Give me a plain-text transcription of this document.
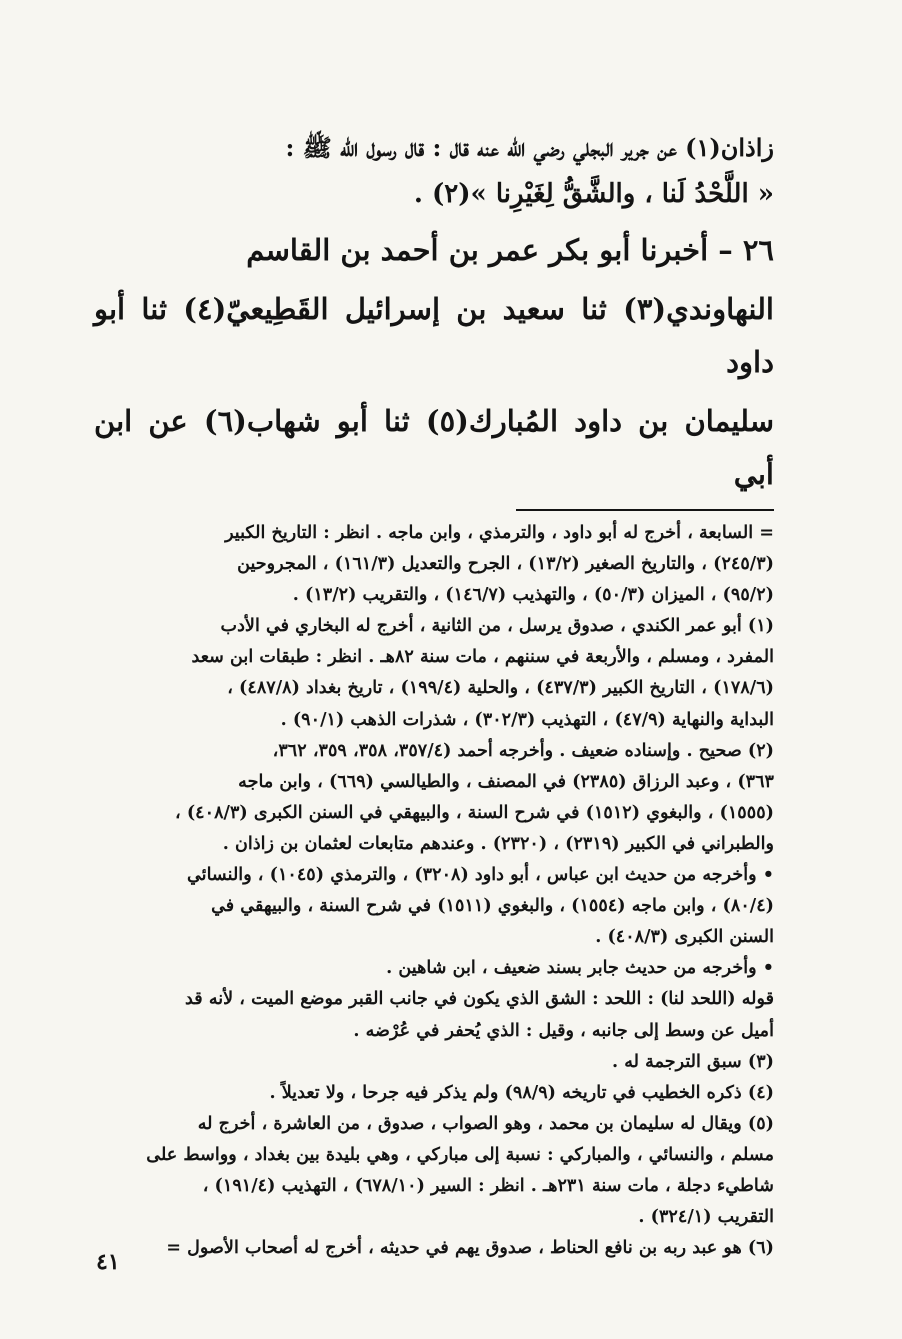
زاذان(١) عن جرير البجلي رضي الله عنه قال : قال رسول الله ﷺ :

« اللَّحْدُ لَنا ، والشَّقُّ لِغَيْرِنا »(٢) .

٢٦ – أخبرنا أبو بكر عمر بن أحمد بن القاسم

النهاوندي(٣) ثنا سعيد بن إسرائيل القَطِيعيّ(٤) ثنا أبو داود

سليمان بن داود المُبارك(٥) ثنا أبو شهاب(٦) عن ابن أبي

= السابعة ، أخرج له أبو داود ، والترمذي ، وابن ماجه . انظر : التاريخ الكبير

(٢٤٥/٣) ، والتاريخ الصغير (١٣/٢) ، الجرح والتعديل (١٦١/٣) ، المجروحين

(٩٥/٢) ، الميزان (٥٠/٣) ، والتهذيب (١٤٦/٧) ، والتقريب (١٣/٢) .

(١) أبو عمر الكندي ، صدوق يرسل ، من الثانية ، أخرج له البخاري في الأدب

المفرد ، ومسلم ، والأربعة في سننهم ، مات سنة ٨٢هـ . انظر : طبقات ابن سعد

(١٧٨/٦) ، التاريخ الكبير (٤٣٧/٣) ، والحلية (١٩٩/٤) ، تاريخ بغداد (٤٨٧/٨) ،

البداية والنهاية (٤٧/٩) ، التهذيب (٣٠٢/٣) ، شذرات الذهب (٩٠/١) .

(٢) صحيح . وإسناده ضعيف . وأخرجه أحمد (٣٥٧/٤، ٣٥٨، ٣٥٩، ٣٦٢،

٣٦٣) ، وعبد الرزاق (٢٣٨٥) في المصنف ، والطيالسي (٦٦٩) ، وابن ماجه

(١٥٥٥) ، والبغوي (١٥١٢) في شرح السنة ، والبيهقي في السنن الكبرى (٤٠٨/٣) ،

والطبراني في الكبير (٢٣١٩) ، (٢٣٢٠) . وعندهم متابعات لعثمان بن زاذان .

• وأخرجه من حديث ابن عباس ، أبو داود (٣٢٠٨) ، والترمذي (١٠٤٥) ، والنسائي

(٨٠/٤) ، وابن ماجه (١٥٥٤) ، والبغوي (١٥١١) في شرح السنة ، والبيهقي في

السنن الكبرى (٤٠٨/٣) .

• وأخرجه من حديث جابر بسند ضعيف ، ابن شاهين .

قوله (اللحد لنا) : اللحد : الشق الذي يكون في جانب القبر موضع الميت ، لأنه قد

أميل عن وسط إلى جانبه ، وقيل : الذي يُحفر في عُرْضه .

(٣) سبق الترجمة له .

(٤) ذكره الخطيب في تاريخه (٩٨/٩) ولم يذكر فيه جرحا ، ولا تعديلاً .

(٥) ويقال له سليمان بن محمد ، وهو الصواب ، صدوق ، من العاشرة ، أخرج له

مسلم ، والنسائي ، والمباركي : نسبة إلى مباركي ، وهي بليدة بين بغداد ، وواسط على

شاطيء دجلة ، مات سنة ٢٣١هـ . انظر : السير (٦٧٨/١٠) ، التهذيب (١٩١/٤) ،

التقريب (٣٢٤/١) .

(٦) هو عبد ربه بن نافع الحناط ، صدوق يهم في حديثه ، أخرج له أصحاب الأصول =

٤١
